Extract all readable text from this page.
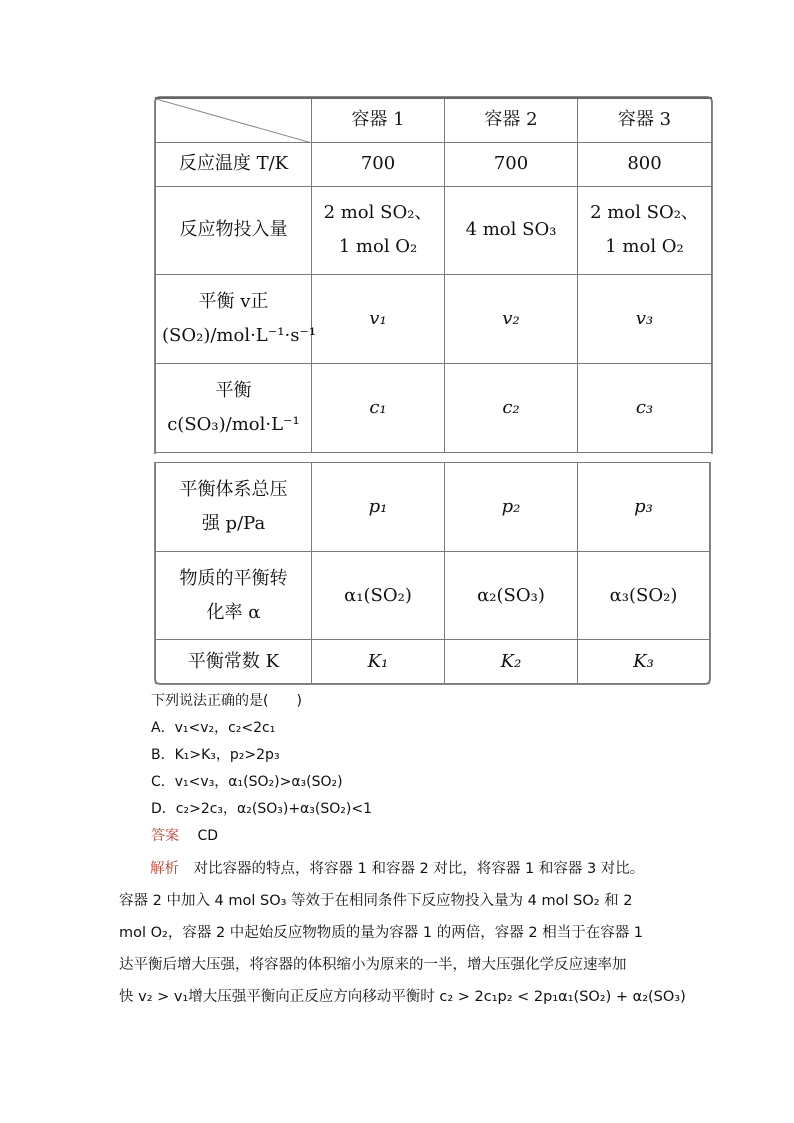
	容器 1	容器 2	容器 3
反应温度 T/K	700	700	800
反应物投入量	2 mol SO₂、1 mol O₂	4 mol SO₃	2 mol SO₂、1 mol O₂
平衡 v正(SO₂)/mol·L⁻¹·s⁻¹	v₁	v₂	v₃
平衡 c(SO₃)/mol·L⁻¹	c₁	c₂	c₃
平衡体系总压强 p/Pa	p₁	p₂	p₃
物质的平衡转化率 α	α₁(SO₂)	α₂(SO₃)	α₃(SO₂)
平衡常数 K	K₁	K₂	K₃
下列说法正确的是(　　)
A．v₁<v₂，c₂<2c₁
B．K₁>K₃，p₂>2p₃
C．v₁<v₃，α₁(SO₂)>α₃(SO₂)
D．c₂>2c₃，α₂(SO₃)+α₃(SO₂)<1
答案　 CD
解析　 对比容器的特点，将容器 1 和容器 2 对比，将容器 1 和容器 3 对比。
容器 2 中加入 4 mol SO₃ 等效于在相同条件下反应物投入量为 4 mol SO₂ 和 2
mol O₂，容器 2 中起始反应物物质的量为容器 1 的两倍，容器 2 相当于在容器 1
达平衡后增大压强，将容器的体积缩小为原来的一半，增大压强化学反应速率加
快 v₂ > v₁增大压强平衡向正反应方向移动平衡时 c₂ > 2c₁p₂ < 2p₁α₁(SO₂) + α₂(SO₃)
